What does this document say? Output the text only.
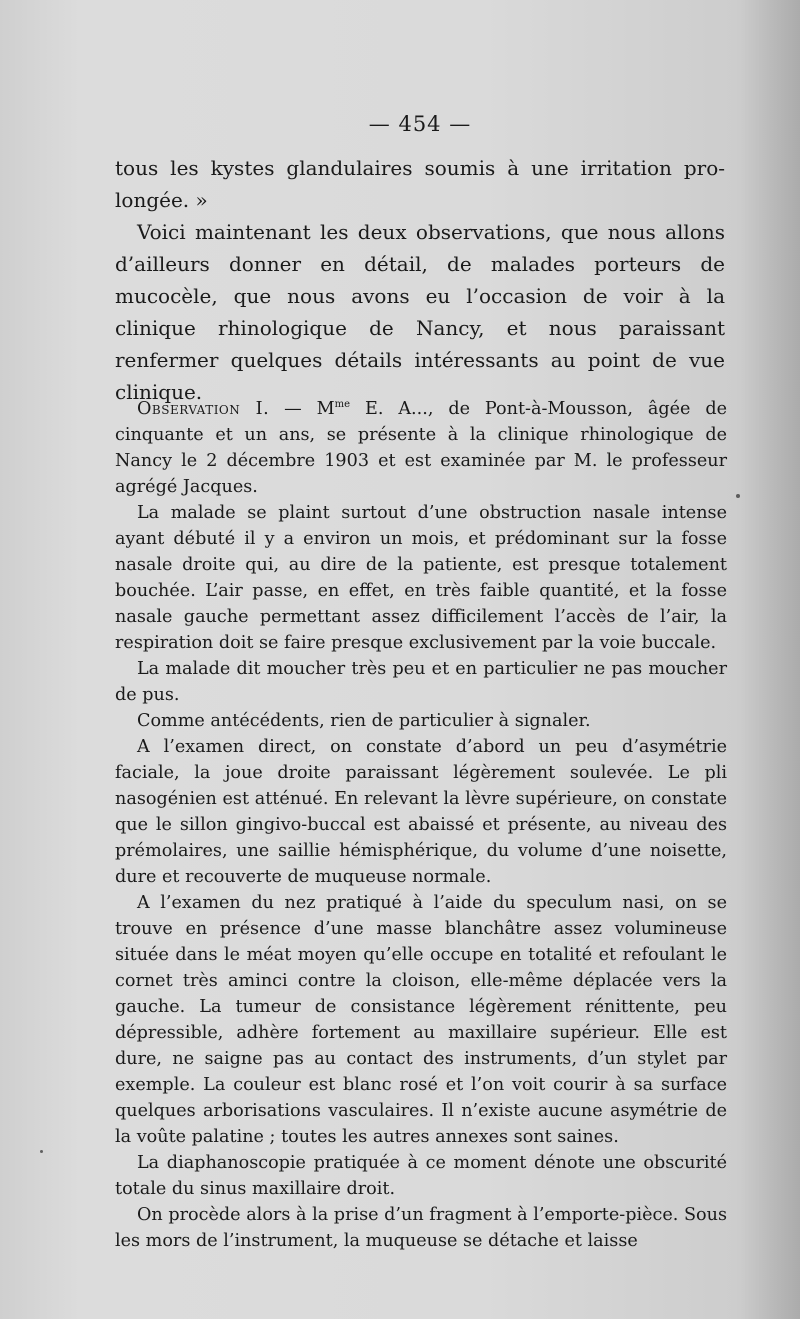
— 454 —

tous les kystes glandulaires soumis à une irritation pro-longée. »

Voici maintenant les deux observations, que nous allons d’ailleurs donner en détail, de malades porteurs de mucocèle, que nous avons eu l’occasion de voir à la clinique rhinologique de Nancy, et nous paraissant renfermer quelques détails intéressants au point de vue clinique.

Observation I. — $M^{me}$ E. A..., de Pont-à-Mousson, âgée de cinquante et un ans, se présente à la clinique rhinologique de Nancy le 2 décembre 1903 et est examinée par M. le professeur agrégé Jacques.

La malade se plaint surtout d’une obstruction nasale intense ayant débuté il y a environ un mois, et prédominant sur la fosse nasale droite qui, au dire de la patiente, est presque totalement bouchée. L’air passe, en effet, en très faible quantité, et la fosse nasale gauche permettant assez difficilement l’accès de l’air, la respiration doit se faire presque exclusivement par la voie buccale.

La malade dit moucher très peu et en particulier ne pas moucher de pus.

Comme antécédents, rien de particulier à signaler.

A l’examen direct, on constate d’abord un peu d’asymétrie faciale, la joue droite paraissant légèrement soulevée. Le pli nasogénien est atténué. En relevant la lèvre supérieure, on constate que le sillon gingivo-buccal est abaissé et présente, au niveau des prémolaires, une saillie hémisphérique, du volume d’une noisette, dure et recouverte de muqueuse normale.

A l’examen du nez pratiqué à l’aide du speculum nasi, on se trouve en présence d’une masse blanchâtre assez volumineuse située dans le méat moyen qu’elle occupe en totalité et refoulant le cornet très aminci contre la cloison, elle-même déplacée vers la gauche. La tumeur de consistance légèrement rénittente, peu dépressible, adhère fortement au maxillaire supérieur. Elle est dure, ne saigne pas au contact des instruments, d’un stylet par exemple. La couleur est blanc rosé et l’on voit courir à sa surface quelques arborisations vasculaires. Il n’existe aucune asymétrie de la voûte palatine ; toutes les autres annexes sont saines.

La diaphanoscopie pratiquée à ce moment dénote une obscurité totale du sinus maxillaire droit.

On procède alors à la prise d’un fragment à l’emporte-pièce. Sous les mors de l’instrument, la muqueuse se détache et laisse
